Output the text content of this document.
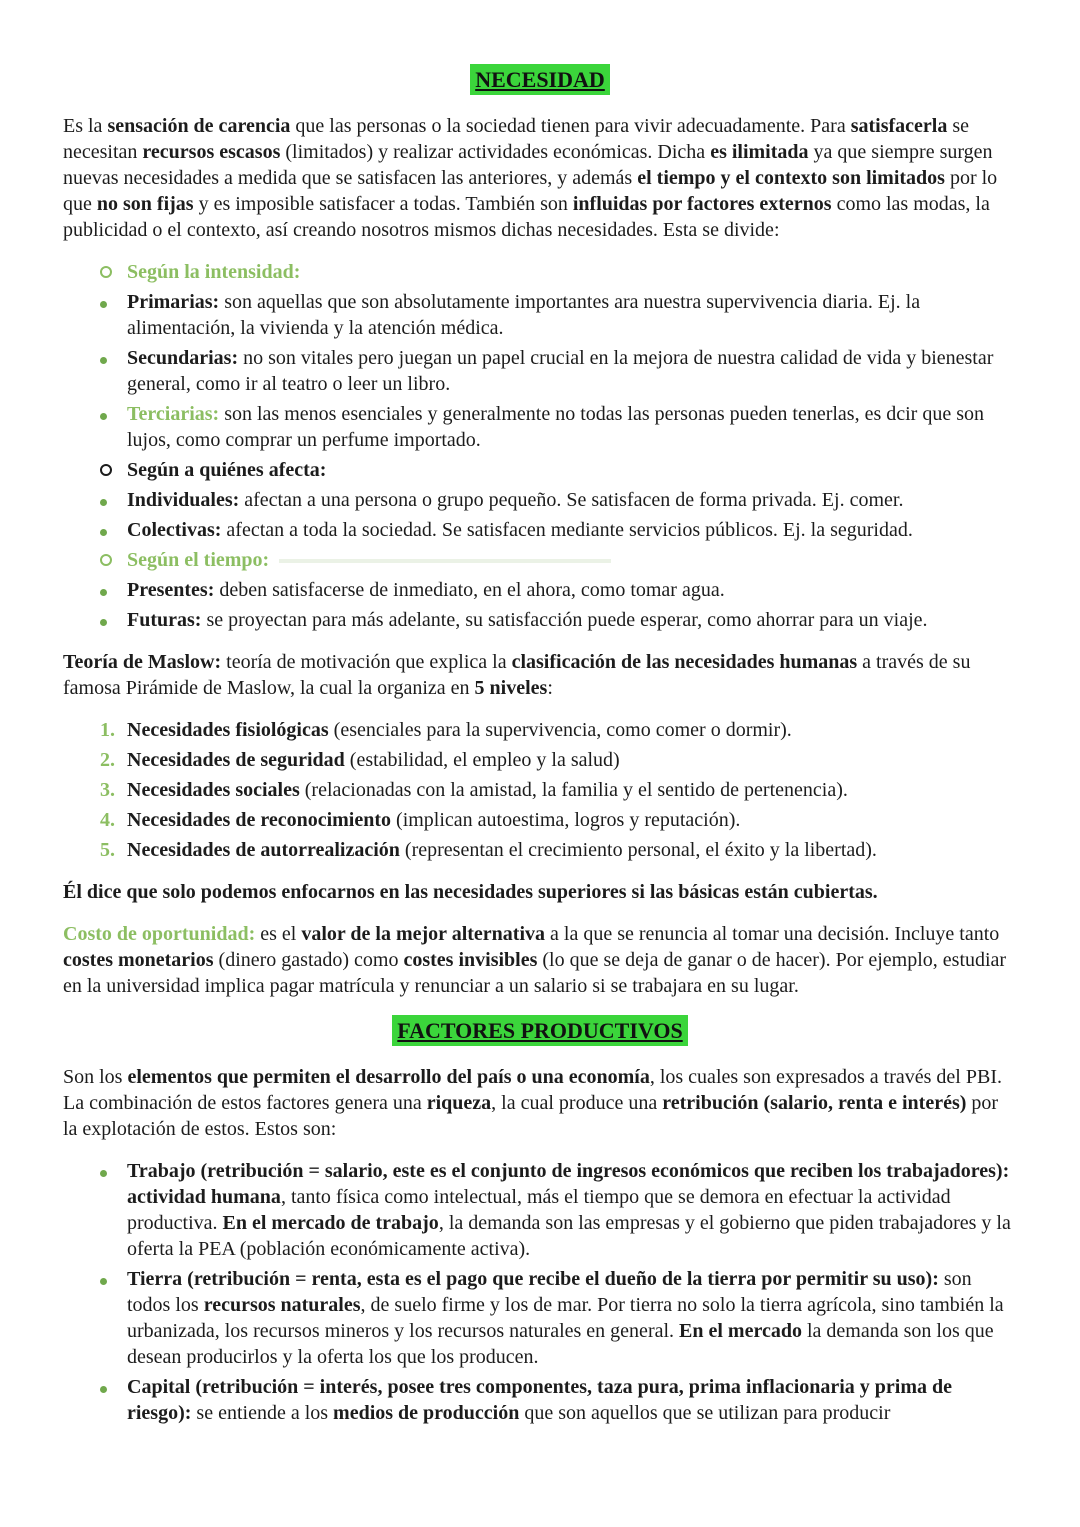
NECESIDAD
Es la sensación de carencia que las personas o la sociedad tienen para vivir adecuadamente. Para satisfacerla se necesitan recursos escasos (limitados) y realizar actividades económicas. Dicha es ilimitada ya que siempre surgen nuevas necesidades a medida que se satisfacen las anteriores, y además el tiempo y el contexto son limitados por lo que no son fijas y es imposible satisfacer a todas. También son influidas por factores externos como las modas, la publicidad o el contexto, así creando nosotros mismos dichas necesidades. Esta se divide:
Según la intensidad:
Primarias: son aquellas que son absolutamente importantes ara nuestra supervivencia diaria. Ej. la alimentación, la vivienda y la atención médica.
Secundarias: no son vitales pero juegan un papel crucial en la mejora de nuestra calidad de vida y bienestar general, como ir al teatro o leer un libro.
Terciarias: son las menos esenciales y generalmente no todas las personas pueden tenerlas, es dcir que son lujos, como comprar un perfume importado.
Según a quiénes afecta:
Individuales: afectan a una persona o grupo pequeño. Se satisfacen de forma privada. Ej. comer.
Colectivas: afectan a toda la sociedad. Se satisfacen mediante servicios públicos. Ej. la seguridad.
Según el tiempo:
Presentes: deben satisfacerse de inmediato, en el ahora, como tomar agua.
Futuras: se proyectan para más adelante, su satisfacción puede esperar, como ahorrar para un viaje.
Teoría de Maslow: teoría de motivación que explica la clasificación de las necesidades humanas a través de su famosa Pirámide de Maslow, la cual la organiza en 5 niveles:
1. Necesidades fisiológicas (esenciales para la supervivencia, como comer o dormir).
2. Necesidades de seguridad (estabilidad, el empleo y la salud)
3. Necesidades sociales (relacionadas con la amistad, la familia y el sentido de pertenencia).
4. Necesidades de reconocimiento (implican autoestima, logros y reputación).
5. Necesidades de autorrealización (representan el crecimiento personal, el éxito y la libertad).
Él dice que solo podemos enfocarnos en las necesidades superiores si las básicas están cubiertas.
Costo de oportunidad: es el valor de la mejor alternativa a la que se renuncia al tomar una decisión. Incluye tanto costes monetarios (dinero gastado) como costes invisibles (lo que se deja de ganar o de hacer). Por ejemplo, estudiar en la universidad implica pagar matrícula y renunciar a un salario si se trabajara en su lugar.
FACTORES PRODUCTIVOS
Son los elementos que permiten el desarrollo del país o una economía, los cuales son expresados a través del PBI. La combinación de estos factores genera una riqueza, la cual produce una retribución (salario, renta e interés) por la explotación de estos. Estos son:
Trabajo (retribución = salario, este es el conjunto de ingresos económicos que reciben los trabajadores): actividad humana, tanto física como intelectual, más el tiempo que se demora en efectuar la actividad productiva. En el mercado de trabajo, la demanda son las empresas y el gobierno que piden trabajadores y la oferta la PEA (población económicamente activa).
Tierra (retribución = renta, esta es el pago que recibe el dueño de la tierra por permitir su uso): son todos los recursos naturales, de suelo firme y los de mar. Por tierra no solo la tierra agrícola, sino también la urbanizada, los recursos mineros y los recursos naturales en general. En el mercado la demanda son los que desean producirlos y la oferta los que los producen.
Capital (retribución = interés, posee tres componentes, taza pura, prima inflacionaria y prima de riesgo): se entiende a los medios de producción que son aquellos que se utilizan para producir
